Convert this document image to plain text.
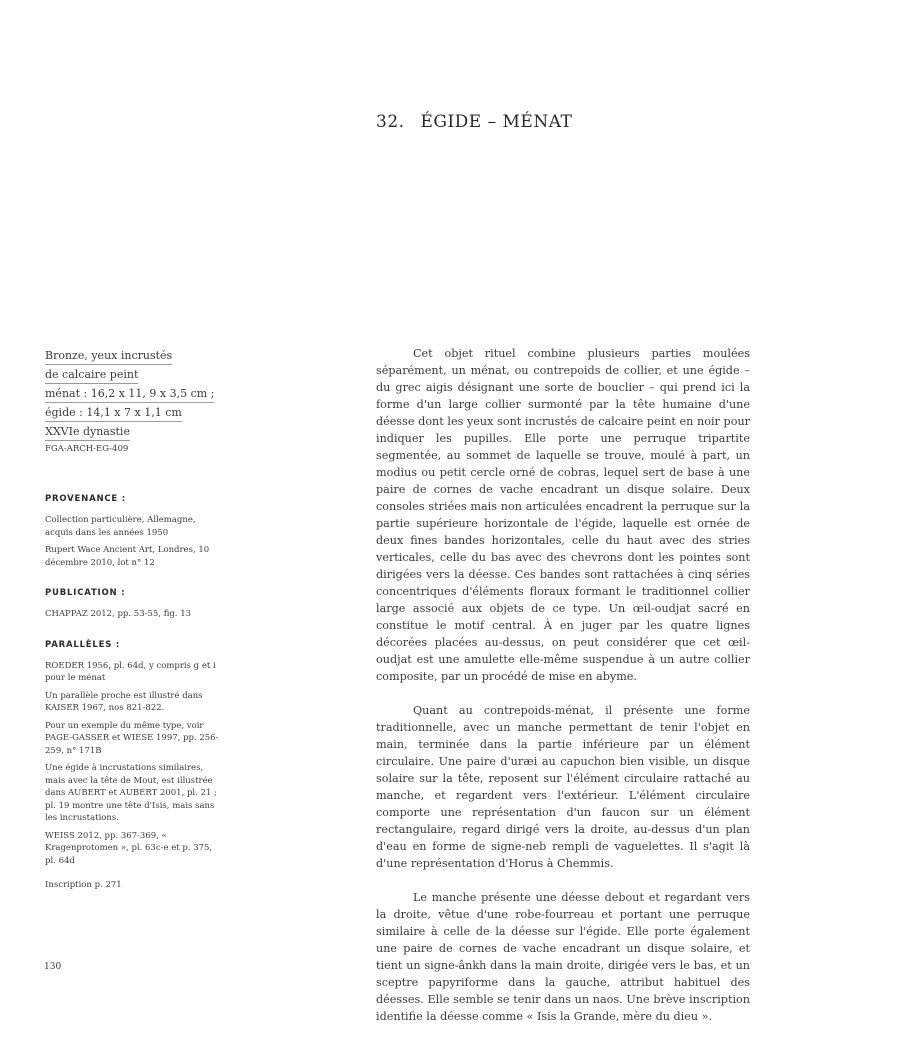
32. ÉGIDE – MÉNAT
Bronze, yeux incrustés
de calcaire peint
ménat : 16,2 x 11, 9 x 3,5 cm ;
égide : 14,1 x 7 x 1,1 cm
XXVIe dynastie
FGA-ARCH-EG-409
PROVENANCE :
Collection particulière, Allemagne, acquis dans les années 1950
Rupert Wace Ancient Art, Londres, 10 décembre 2010, lot n° 12
PUBLICATION :
CHAPPAZ 2012, pp. 53-55, fig. 13
PARALLÈLES :
ROEDER 1956, pl. 64d, y compris g et i pour le ménat
Un parallèle proche est illustré dans KAISER 1967, nos 821-822.
Pour un exemple du même type, voir PAGE-GASSER et WIESE 1997, pp. 256-259, n° 171B
Une égide à incrustations similaires, mais avec la tête de Mout, est illustrée dans AUBERT et AUBERT 2001, pl. 21 ; pl. 19 montre une tête d'Isis, mais sans les incrustations.
WEISS 2012, pp. 367-369, « Kragenprotomen », pl. 63c-e et p. 375, pl. 64d
Inscription p. 271

Cet objet rituel combine plusieurs parties moulées séparément, un ménat, ou contrepoids de collier, et une égide – du grec aigis désignant une sorte de bouclier – qui prend ici la forme d'un large collier surmonté par la tête humaine d'une déesse dont les yeux sont incrustés de calcaire peint en noir pour indiquer les pupilles. Elle porte une perruque tripartite segmentée, au sommet de laquelle se trouve, moulé à part, un modius ou petit cercle orné de cobras, lequel sert de base à une paire de cornes de vache encadrant un disque solaire. Deux consoles striées mais non articulées encadrent la perruque sur la partie supérieure horizontale de l'égide, laquelle est ornée de deux fines bandes horizontales, celle du haut avec des stries verticales, celle du bas avec des chevrons dont les pointes sont dirigées vers la déesse. Ces bandes sont rattachées à cinq séries concentriques d'éléments floraux formant le traditionnel collier large associé aux objets de ce type. Un œil-oudjat sacré en constitue le motif central. À en juger par les quatre lignes décorées placées au-dessus, on peut considérer que cet œil-oudjat est une amulette elle-même suspendue à un autre collier composite, par un procédé de mise en abyme.

Quant au contrepoids-ménat, il présente une forme traditionnelle, avec un manche permettant de tenir l'objet en main, terminée dans la partie inférieure par un élément circulaire. Une paire d'uræi au capuchon bien visible, un disque solaire sur la tête, reposent sur l'élément circulaire rattaché au manche, et regardent vers l'extérieur. L'élément circulaire comporte une représentation d'un faucon sur un élément rectangulaire, regard dirigé vers la droite, au-dessus d'un plan d'eau en forme de signe-neb rempli de vaguelettes. Il s'agit là d'une représentation d'Horus à Chemmis.

Le manche présente une déesse debout et regardant vers la droite, vêtue d'une robe-fourreau et portant une perruque similaire à celle de la déesse sur l'égide. Elle porte également une paire de cornes de vache encadrant un disque solaire, et tient un signe-ânkh dans la main droite, dirigée vers le bas, et un sceptre papyriforme dans la gauche, attribut habituel des déesses. Elle semble se tenir dans un naos. Une brève inscription identifie la déesse comme « Isis la Grande, mère du dieu ».

130
